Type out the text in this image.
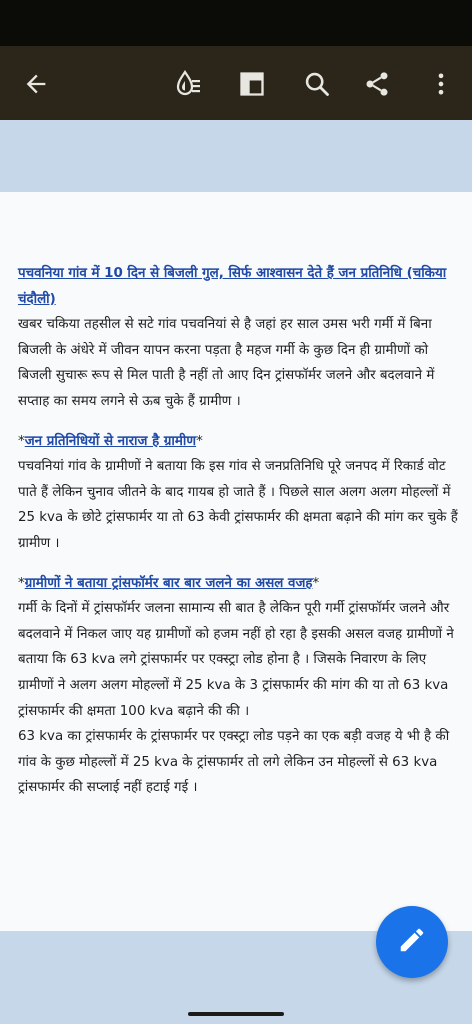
पचवनिया गांव में 10 दिन से बिजली गुल, सिर्फ आश्वासन देते हैं जन प्रतिनिधि (चकिया चंदौली)

खबर चकिया तहसील से सटे गांव पचवनियां से है जहां हर साल उमस भरी गर्मी में बिना बिजली के अंधेरे में जीवन यापन करना पड़ता है महज गर्मी के कुछ दिन ही ग्रामीणों को बिजली सुचारू रूप से मिल पाती है नहीं तो आए दिन ट्रांसफॉर्मर जलने और बदलवाने में सप्ताह का समय लगने से ऊब चुके हैं ग्रामीण ।

*जन प्रतिनिधियों से नाराज है ग्रामीण*

पचवनियां गांव के ग्रामीणों ने बताया कि इस गांव से जनप्रतिनिधि पूरे जनपद में रिकार्ड वोट पाते हैं लेकिन चुनाव जीतने के बाद गायब हो जाते हैं । पिछले साल अलग अलग मोहल्लों में 25 kva के छोटे ट्रांसफार्मर या तो 63 केवी ट्रांसफार्मर की क्षमता बढ़ाने की मांग कर चुके हैं ग्रामीण ।

*ग्रामीणों ने बताया ट्रांसफॉर्मर बार बार जलने का असल वजह*

गर्मी के दिनों में ट्रांसफॉर्मर जलना सामान्य सी बात है लेकिन पूरी गर्मी ट्रांसफॉर्मर जलने और बदलवाने में निकल जाए यह ग्रामीणों को हजम नहीं हो रहा है इसकी असल वजह ग्रामीणों ने बताया कि 63 kva लगे ट्रांसफार्मर पर एक्स्ट्रा लोड होना है । जिसके निवारण के लिए ग्रामीणों ने अलग अलग मोहल्लों में 25 kva के 3 ट्रांसफार्मर की मांग की या तो 63 kva ट्रांसफार्मर की क्षमता 100 kva बढ़ाने की की ।

63 kva का ट्रांसफार्मर के ट्रांसफार्मर पर एक्स्ट्रा लोड पड़ने का एक बड़ी वजह ये भी है की गांव के कुछ मोहल्लों में 25 kva के ट्रांसफार्मर तो लगे लेकिन उन मोहल्लों से 63 kva ट्रांसफार्मर की सप्लाई नहीं हटाई गई ।
